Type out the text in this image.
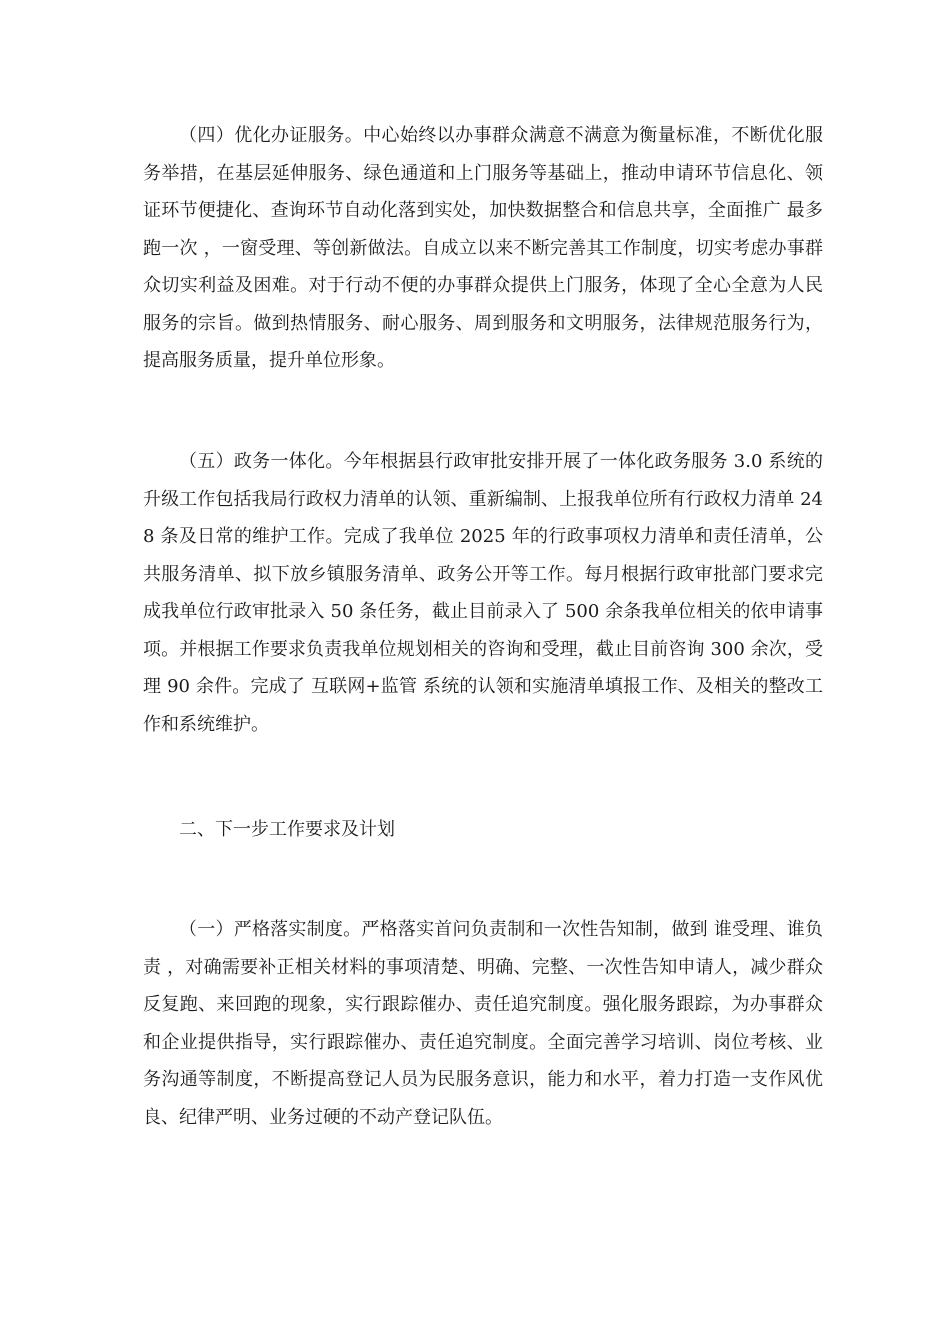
（四）优化办证服务。中心始终以办事群众满意不满意为衡量标准，不断优化服务举措，在基层延伸服务、绿色通道和上门服务等基础上，推动申请环节信息化、领证环节便捷化、查询环节自动化落到实处，加快数据整合和信息共享，全面推广 最多跑一次 ，一窗受理、等创新做法。自成立以来不断完善其工作制度，切实考虑办事群众切实利益及困难。对于行动不便的办事群众提供上门服务，体现了全心全意为人民服务的宗旨。做到热情服务、耐心服务、周到服务和文明服务，法律规范服务行为，提高服务质量，提升单位形象。

（五）政务一体化。今年根据县行政审批安排开展了一体化政务服务 3.0 系统的升级工作包括我局行政权力清单的认领、重新编制、上报我单位所有行政权力清单 248 条及日常的维护工作。完成了我单位 2025 年的行政事项权力清单和责任清单，公共服务清单、拟下放乡镇服务清单、政务公开等工作。每月根据行政审批部门要求完成我单位行政审批录入 50 条任务，截止目前录入了 500 余条我单位相关的依申请事项。并根据工作要求负责我单位规划相关的咨询和受理，截止目前咨询 300 余次，受理 90 余件。完成了 互联网+监管 系统的认领和实施清单填报工作、及相关的整改工作和系统维护。

二、下一步工作要求及计划

（一）严格落实制度。严格落实首问负责制和一次性告知制，做到 谁受理、谁负责 ，对确需要补正相关材料的事项清楚、明确、完整、一次性告知申请人，减少群众反复跑、来回跑的现象，实行跟踪催办、责任追究制度。强化服务跟踪，为办事群众和企业提供指导，实行跟踪催办、责任追究制度。全面完善学习培训、岗位考核、业务沟通等制度，不断提高登记人员为民服务意识，能力和水平，着力打造一支作风优良、纪律严明、业务过硬的不动产登记队伍。
